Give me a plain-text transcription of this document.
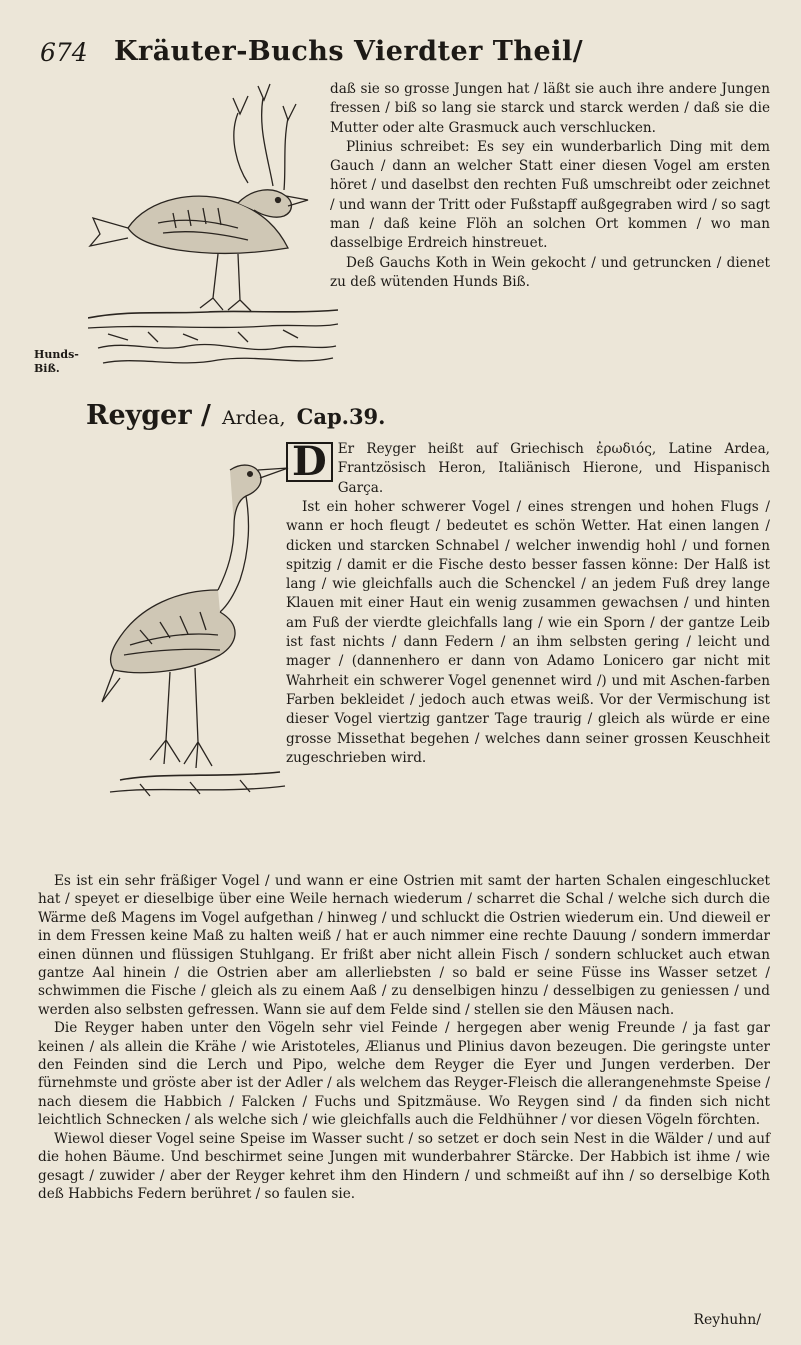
674 Kräuter-Buchs Vierdter Theil/

daß sie so grosse Jungen hat / läßt sie auch ihre andere Jungen fressen / biß so lang sie starck und starck werden / daß sie die Mutter oder alte Grasmuck auch verschlucken.

Plinius schreibet: Es sey ein wunderbarlich Ding mit dem Gauch / dann an welcher Statt einer diesen Vogel am ersten höret / und daselbst den rechten Fuß umschreibt oder zeichnet / und wann der Tritt oder Fußstapff außgegraben wird / so sagt man / daß keine Flöh an solchen Ort kommen / wo man dasselbige Erdreich hinstreuet.

Deß Gauchs Koth in Wein gekocht / und getruncken / dienet zu deß wütenden Hunds Biß.

Hunds-
Biß.
Reyger / Ardea, Cap.39.

D Er Reyger heißt auf Griechisch ἐρωδιός, Latine Ardea, Frantzösisch Heron, Italiänisch Hierone, und Hispanisch Garça.

Ist ein hoher schwerer Vogel / eines strengen und hohen Flugs / wann er hoch fleugt / bedeutet es schön Wetter. Hat einen langen / dicken und starcken Schnabel / welcher inwendig hohl / und fornen spitzig / damit er die Fische desto besser fassen könne: Der Halß ist lang / wie gleichfalls auch die Schenckel / an jedem Fuß drey lange Klauen mit einer Haut ein wenig zusammen gewachsen / und hinten am Fuß der vierdte gleichfalls lang / wie ein Sporn / der gantze Leib ist fast nichts / dann Federn / an ihm selbsten gering / leicht und mager / (dannenhero er dann von Adamo Lonicero gar nicht mit Wahrheit ein schwerer Vogel genennet wird /) und mit Aschen-farben Farben bekleidet / jedoch auch etwas weiß. Vor der Vermischung ist dieser Vogel viertzig gantzer Tage traurig / gleich als würde er eine grosse Missethat begehen / welches dann seiner grossen Keuschheit zugeschrieben wird.

Es ist ein sehr fräßiger Vogel / und wann er eine Ostrien mit samt der harten Schalen eingeschlucket hat / speyet er dieselbige über eine Weile hernach wiederum / scharret die Schal / welche sich durch die Wärme deß Magens im Vogel aufgethan / hinweg / und schluckt die Ostrien wiederum ein. Und dieweil er in dem Fressen keine Maß zu halten weiß / hat er auch nimmer eine rechte Dauung / sondern immerdar einen dünnen und flüssigen Stuhlgang. Er frißt aber nicht allein Fisch / sondern schlucket auch etwan gantze Aal hinein / die Ostrien aber am allerliebsten / so bald er seine Füsse ins Wasser setzet / schwimmen die Fische / gleich als zu einem Aaß / zu denselbigen hinzu / desselbigen zu geniessen / und werden also selbsten gefressen. Wann sie auf dem Felde sind / stellen sie den Mäusen nach.

Die Reyger haben unter den Vögeln sehr viel Feinde / hergegen aber wenig Freunde / ja fast gar keinen / als allein die Krähe / wie Aristoteles, Ælianus und Plinius davon bezeugen. Die geringste unter den Feinden sind die Lerch und Pipo, welche dem Reyger die Eyer und Jungen verderben. Der fürnehmste und gröste aber ist der Adler / als welchem das Reyger-Fleisch die allerangenehmste Speise / nach diesem die Habbich / Falcken / Fuchs und Spitzmäuse. Wo Reygen sind / da finden sich nicht leichtlich Schnecken / als welche sich / wie gleichfalls auch die Feldhühner / vor diesen Vögeln förchten.

Wiewol dieser Vogel seine Speise im Wasser sucht / so setzet er doch sein Nest in die Wälder / und auf die hohen Bäume. Und beschirmet seine Jungen mit wunderbahrer Stärcke. Der Habbich ist ihme / wie gesagt / zuwider / aber der Reyger kehret ihm den Hindern / und schmeißt auf ihn / so derselbige Koth deß Habbichs Federn berühret / so faulen sie.

Reyhuhn/
